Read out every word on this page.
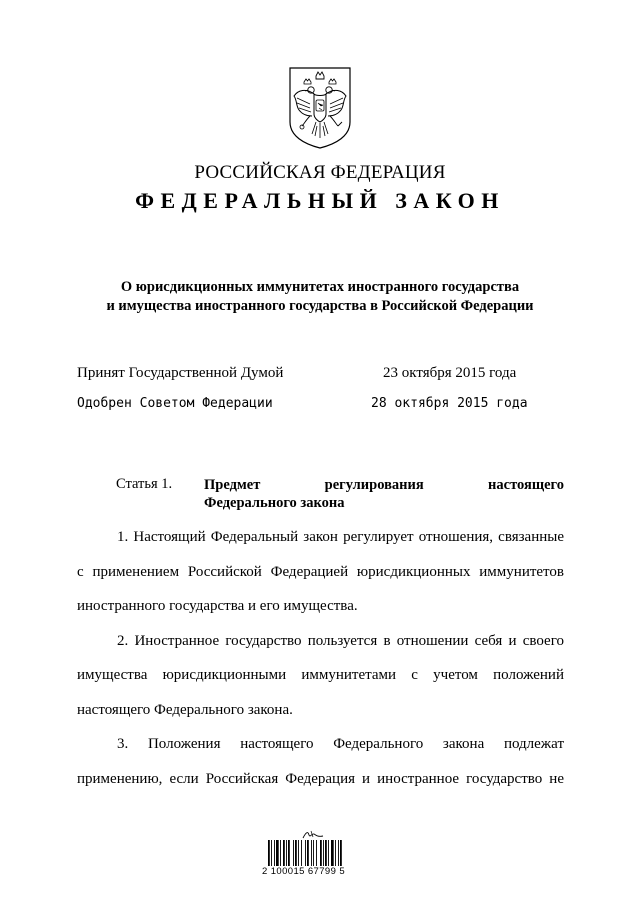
РОССИЙСКАЯ ФЕДЕРАЦИЯ
ФЕДЕРАЛЬНЫЙ ЗАКОН
О юрисдикционных иммунитетах иностранного государства
и имущества иностранного государства в Российской Федерации
Принят Государственной Думой	23 октября 2015 года
Одобрен Советом Федерации	28 октября 2015 года
Статья 1. Предмет регулирования настоящего
Федерального закона

1. Настоящий Федеральный закон регулирует отношения, связанные с применением Российской Федерацией юрисдикционных иммунитетов иностранного государства и его имущества.

2. Иностранное государство пользуется в отношении себя и своего имущества юрисдикционными иммунитетами с учетом положений настоящего Федерального закона.

3. Положения настоящего Федерального закона подлежат применению, если Российская Федерация и иностранное государство не

2 100015 67799 5
